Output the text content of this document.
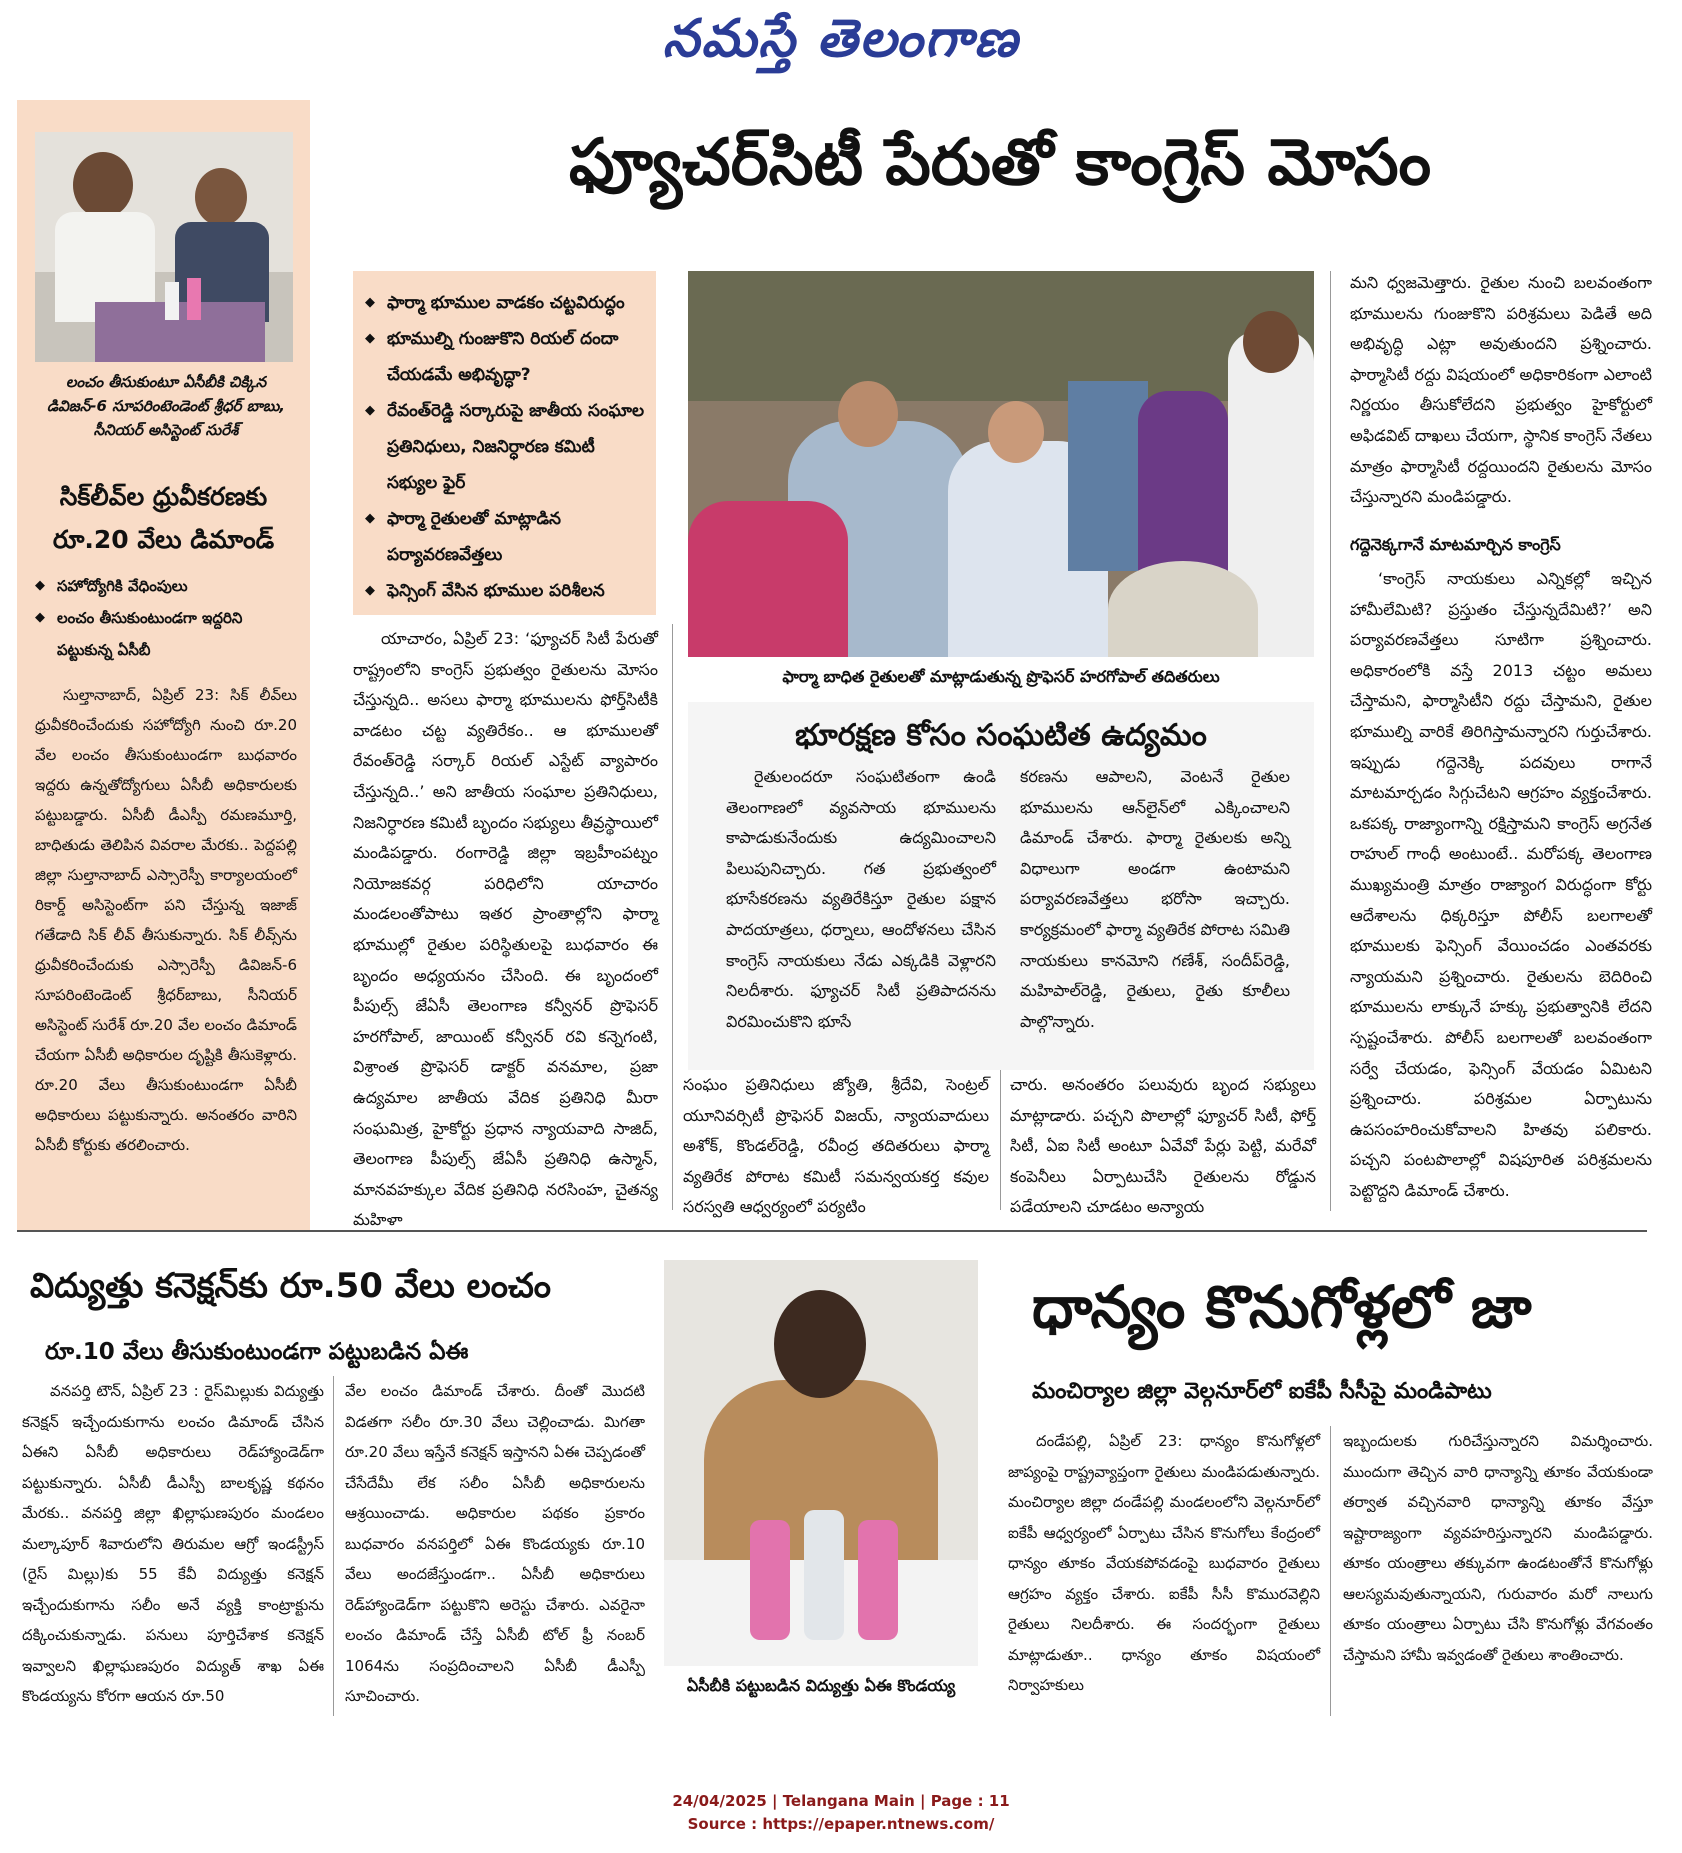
నమస్తే తెలంగాణ
లంచం తీసుకుంటూ ఏసీబీకి చిక్కిన డివిజన్‌-6 సూపరింటెండెంట్‌ శ్రీధర్‌ బాబు, సీనియర్‌ అసిస్టెంట్‌ సురేశ్‌
సిక్‌లీవ్‌ల ధ్రువీకరణకు
రూ.20 వేలు డిమాండ్‌
◆ సహోద్యోగికి వేధింపులు
◆ లంచం తీసుకుంటుండగా ఇద్దరిని పట్టుకున్న ఏసీబీ

సుల్తానాబాద్‌, ఏప్రిల్‌ 23: సిక్‌ లీవ్‌లు ధ్రువీకరించేందుకు సహోద్యోగి నుంచి రూ.20 వేల లంచం తీసుకుంటుండగా బుధవారం ఇద్దరు ఉన్నతోద్యోగులు ఏసీబీ అధికారులకు పట్టుబడ్డారు. ఏసీబీ డీఎస్పీ రమణమూర్తి, బాధితుడు తెలిపిన వివరాల మేరకు.. పెద్దపల్లి జిల్లా సుల్తానాబాద్‌ ఎస్సారెస్పీ కార్యాలయంలో రికార్డ్‌ అసిస్టెంట్‌గా పని చేస్తున్న ఇజాజ్‌ గతేడాది సిక్‌ లీవ్‌ తీసుకున్నారు. సిక్‌ లీవ్స్‌ను ధ్రువీకరించేందుకు ఎస్సారెస్పీ డివిజన్‌-6 సూపరింటెండెంట్‌ శ్రీధర్‌బాబు, సీనియర్‌ అసిస్టెంట్‌ సురేశ్‌ రూ.20 వేల లంచం డిమాండ్‌ చేయగా ఏసీబీ అధికారుల దృష్టికి తీసుకెళ్లారు. రూ.20 వేలు తీసుకుంటుండగా ఏసీబీ అధికారులు పట్టుకున్నారు. అనంతరం వారిని ఏసీబీ కోర్టుకు తరలించారు.

ఫ్యూచర్‌సిటీ పేరుతో కాంగ్రెస్‌ మోసం
◆ ఫార్మా భూముల వాడకం చట్టవిరుద్ధం
◆ భూముల్ని గుంజుకొని రియల్‌ దందా చేయడమే అభివృద్ధా?
◆ రేవంత్‌రెడ్డి సర్కారుపై జాతీయ సంఘాల ప్రతినిధులు, నిజనిర్ధారణ కమిటీ సభ్యుల ఫైర్‌
◆ ఫార్మా రైతులతో మాట్లాడిన పర్యావరణవేత్తలు
◆ ఫెన్సింగ్‌ వేసిన భూముల పరిశీలన
ఫార్మా బాధిత రైతులతో మాట్లాడుతున్న ప్రొఫెసర్‌ హరగోపాల్‌ తదితరులు

యాచారం, ఏప్రిల్‌ 23: ‘ఫ్యూచర్‌ సిటీ పేరుతో రాష్ట్రంలోని కాంగ్రెస్‌ ప్రభుత్వం రైతులను మోసం చేస్తున్నది.. అసలు ఫార్మా భూములను ఫోర్త్‌సిటీకి వాడటం చట్ట వ్యతిరేకం.. ఆ భూములతో రేవంత్‌రెడ్డి సర్కార్‌ రియల్‌ ఎస్టేట్‌ వ్యాపారం చేస్తున్నది..’ అని జాతీయ సంఘాల ప్రతినిధులు, నిజనిర్ధారణ కమిటీ బృందం సభ్యులు తీవ్రస్థాయిలో మండిపడ్డారు. రంగారెడ్డి జిల్లా ఇబ్రహీంపట్నం నియోజకవర్గ పరిధిలోని యాచారం మండలంతోపాటు ఇతర ప్రాంతాల్లోని ఫార్మా భూముల్లో రైతుల పరిస్థితులపై బుధవారం ఈ బృందం అధ్యయనం చేసింది. ఈ బృందంలో పీపుల్స్‌ జేఏసీ తెలంగాణ కన్వీనర్‌ ప్రొఫెసర్‌ హరగోపాల్‌, జాయింట్‌ కన్వీనర్‌ రవి కన్నెగంటి, విశ్రాంత ప్రొఫెసర్‌ డాక్టర్‌ వనమాల, ప్రజా ఉద్యమాల జాతీయ వేదిక ప్రతినిధి మీరా సంఘమిత్ర, హైకోర్టు ప్రధాన న్యాయవాది సాజిద్‌, తెలంగాణ పీపుల్స్‌ జేఏసీ ప్రతినిధి ఉస్మాన్‌, మానవహక్కుల వేదిక ప్రతినిధి నరసింహ, చైతన్య మహిళా

భూరక్షణ కోసం సంఘటిత ఉద్యమం

రైతులందరూ సంఘటితంగా ఉండి తెలంగాణలో వ్యవసాయ భూములను కాపాడుకునేందుకు ఉద్యమించాలని పిలుపునిచ్చారు. గత ప్రభుత్వంలో భూసేకరణను వ్యతిరేకిస్తూ రైతుల పక్షాన పాదయాత్రలు, ధర్నాలు, ఆందోళనలు చేసిన కాంగ్రెస్‌ నాయకులు నేడు ఎక్కడికి వెళ్లారని నిలదీశారు. ఫ్యూచర్‌ సిటీ ప్రతిపాదనను విరమించుకొని భూసే

కరణను ఆపాలని, వెంటనే రైతుల భూములను ఆన్‌లైన్‌లో ఎక్కించాలని డిమాండ్‌ చేశారు. ఫార్మా రైతులకు అన్ని విధాలుగా అండగా ఉంటామని పర్యావరణవేత్తలు భరోసా ఇచ్చారు. కార్యక్రమంలో ఫార్మా వ్యతిరేక పోరాట సమితి నాయకులు కానమోని గణేశ్‌, సందీప్‌రెడ్డి, మహిపాల్‌రెడ్డి, రైతులు, రైతు కూలీలు పాల్గొన్నారు.

సంఘం ప్రతినిధులు జ్యోతి, శ్రీదేవి, సెంట్రల్‌ యూనివర్సిటీ ప్రొఫెసర్‌ విజయ్‌, న్యాయవాదులు అశోక్‌, కొండల్‌రెడ్డి, రవీంద్ర తదితరులు ఫార్మా వ్యతిరేక పోరాట కమిటీ సమన్వయకర్త కవుల సరస్వతి ఆధ్వర్యంలో పర్యటిం

చారు. అనంతరం పలువురు బృంద సభ్యులు మాట్లాడారు. పచ్చని పొలాల్లో ఫ్యూచర్‌ సిటీ, ఫోర్త్‌ సిటీ, ఏఐ సిటీ అంటూ ఏవేవో పేర్లు పెట్టి, మరేవో కంపెనీలు ఏర్పాటుచేసి రైతులను రోడ్డున పడేయాలని చూడటం అన్యాయ

మని ధ్వజమెత్తారు. రైతుల నుంచి బలవంతంగా భూములను గుంజుకొని పరిశ్రమలు పెడితే అది అభివృద్ధి ఎట్లా అవుతుందని ప్రశ్నించారు. ఫార్మాసిటీ రద్దు విషయంలో అధికారికంగా ఎలాంటి నిర్ణయం తీసుకోలేదని ప్రభుత్వం హైకోర్టులో అఫిడవిట్‌ దాఖలు చేయగా, స్థానిక కాంగ్రెస్‌ నేతలు మాత్రం ఫార్మాసిటీ రద్దయిందని రైతులను మోసం చేస్తున్నారని మండిపడ్డారు.

గద్దెనెక్కగానే మాటమార్చిన కాంగ్రెస్‌

‘కాంగ్రెస్‌ నాయకులు ఎన్నికల్లో ఇచ్చిన హామీలేమిటి? ప్రస్తుతం చేస్తున్నదేమిటి?’ అని పర్యావరణవేత్తలు సూటిగా ప్రశ్నించారు. అధికారంలోకి వస్తే 2013 చట్టం అమలు చేస్తామని, ఫార్మాసిటీని రద్దు చేస్తామని, రైతుల భూముల్ని వారికే తిరిగిస్తామన్నారని గుర్తుచేశారు. ఇప్పుడు గద్దెనెక్కి పదవులు రాగానే మాటమార్చడం సిగ్గుచేటని ఆగ్రహం వ్యక్తంచేశారు. ఒకపక్క రాజ్యాంగాన్ని రక్షిస్తామని కాంగ్రెస్‌ అగ్రనేత రాహుల్‌ గాంధీ అంటుంటే.. మరోపక్క తెలంగాణ ముఖ్యమంత్రి మాత్రం రాజ్యాంగ విరుద్ధంగా కోర్టు ఆదేశాలను ధిక్కరిస్తూ పోలీస్‌ బలగాలతో భూములకు ఫెన్సింగ్‌ వేయించడం ఎంతవరకు న్యాయమని ప్రశ్నించారు. రైతులను బెదిరించి భూములను లాక్కునే హక్కు ప్రభుత్వానికి లేదని స్పష్టంచేశారు. పోలీస్‌ బలగాలతో బలవంతంగా సర్వే చేయడం, ఫెన్సింగ్‌ వేయడం ఏమిటని ప్రశ్నించారు. పరిశ్రమల ఏర్పాటును ఉపసంహరించుకోవాలని హితవు పలికారు. పచ్చని పంటపొలాల్లో విషపూరిత పరిశ్రమలను పెట్టొద్దని డిమాండ్‌ చేశారు.

విద్యుత్తు కనెక్షన్‌కు రూ.50 వేలు లంచం
రూ.10 వేలు తీసుకుంటుండగా పట్టుబడిన ఏఈ

వనపర్తి టౌన్‌, ఏప్రిల్‌ 23 : రైస్‌మిల్లుకు విద్యుత్తు కనెక్షన్‌ ఇచ్చేందుకుగాను లంచం డిమాండ్‌ చేసిన ఏఈని ఏసీబీ అధికారులు రెడ్‌హ్యాండెడ్‌గా పట్టుకున్నారు. ఏసీబీ డీఎస్పీ బాలకృష్ణ కథనం మేరకు.. వనపర్తి జిల్లా ఖిల్లాఘణపురం మండలం మల్కాపూర్‌ శివారులోని తిరుమల ఆగ్రో ఇండస్ట్రీస్‌ (రైస్‌ మిల్లు)కు 55 కేవీ విద్యుత్తు కనెక్షన్‌ ఇచ్చేందుకుగాను సలీం అనే వ్యక్తి కాంట్రాక్టును దక్కించుకున్నాడు. పనులు పూర్తిచేశాక కనెక్షన్‌ ఇవ్వాలని ఖిల్లాఘణపురం విద్యుత్‌ శాఖ ఏఈ కొండయ్యను కోరగా ఆయన రూ.50

వేల లంచం డిమాండ్‌ చేశారు. దీంతో మొదటి విడతగా సలీం రూ.30 వేలు చెల్లించాడు. మిగతా రూ.20 వేలు ఇస్తేనే కనెక్షన్‌ ఇస్తానని ఏఈ చెప్పడంతో చేసేదేమీ లేక సలీం ఏసీబీ అధికారులను ఆశ్రయించాడు. అధికారుల పథకం ప్రకారం బుధవారం వనపర్తిలో ఏఈ కొండయ్యకు రూ.10 వేలు అందజేస్తుండగా.. ఏసీబీ అధికారులు రెడ్‌హ్యాండెడ్‌గా పట్టుకొని అరెస్టు చేశారు. ఎవరైనా లంచం డిమాండ్‌ చేస్తే ఏసీబీ టోల్‌ ఫ్రీ నంబర్‌ 1064ను సంప్రదించాలని ఏసీబీ డీఎస్పీ సూచించారు.

ఏసీబీకి పట్టుబడిన విద్యుత్తు ఏఈ కొండయ్య
ధాన్యం కొనుగోళ్లలో జా
మంచిర్యాల జిల్లా వెల్గనూర్‌లో ఐకేపీ సీసీపై మండిపాటు

దండేపల్లి, ఏప్రిల్‌ 23: ధాన్యం కొనుగోళ్లలో జాప్యంపై రాష్ట్రవ్యాప్తంగా రైతులు మండిపడుతున్నారు. మంచిర్యాల జిల్లా దండేపల్లి మండలంలోని వెల్గనూర్‌లో ఐకేపీ ఆధ్వర్యంలో ఏర్పాటు చేసిన కొనుగోలు కేంద్రంలో ధాన్యం తూకం వేయకపోవడంపై బుధవారం రైతులు ఆగ్రహం వ్యక్తం చేశారు. ఐకేపీ సీసీ కొమురవెల్లిని రైతులు నిలదీశారు. ఈ సందర్భంగా రైతులు మాట్లాడుతూ.. ధాన్యం తూకం విషయంలో నిర్వాహకులు

ఇబ్బందులకు గురిచేస్తున్నారని విమర్శించారు. ముందుగా తెచ్చిన వారి ధాన్యాన్ని తూకం వేయకుండా తర్వాత వచ్చినవారి ధాన్యాన్ని తూకం వేస్తూ ఇష్టారాజ్యంగా వ్యవహరిస్తున్నారని మండిపడ్డారు. తూకం యంత్రాలు తక్కువగా ఉండటంతోనే కొనుగోళ్లు ఆలస్యమవుతున్నాయని, గురువారం మరో నాలుగు తూకం యంత్రాలు ఏర్పాటు చేసి కొనుగోళ్లు వేగవంతం చేస్తామని హామీ ఇవ్వడంతో రైతులు శాంతించారు.

24/04/2025 | Telangana Main | Page : 11
Source : https://epaper.ntnews.com/
